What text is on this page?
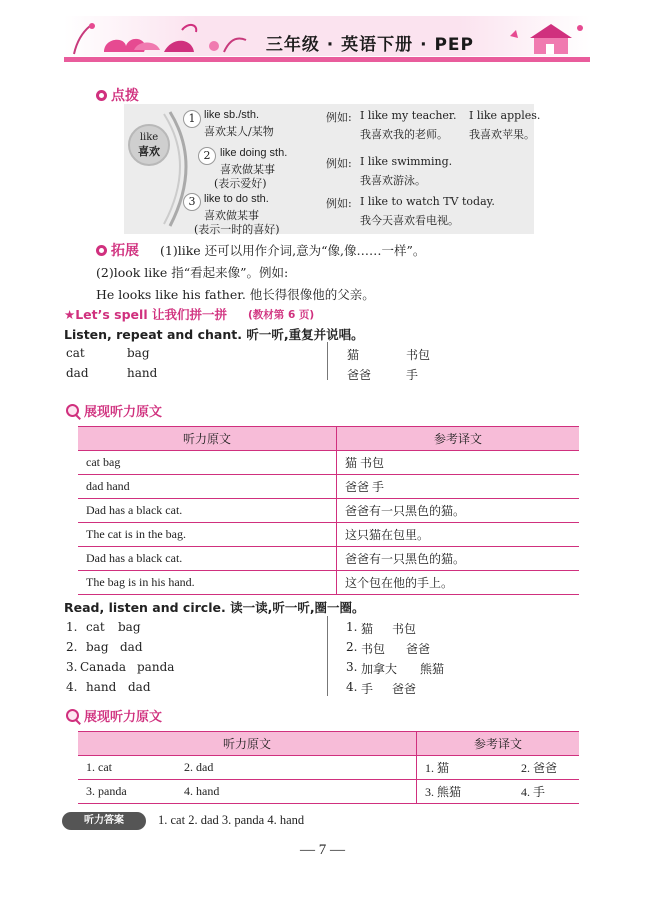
三年级 · 英语下册 · PEP
点拨
like
喜欢
1 like sb./sth.
喜欢某人/某物
例如: I like my teacher.
我喜欢我的老师。
I like apples.
我喜欢苹果。
2 like doing sth.
喜欢做某事
(表示爱好)
例如: I like swimming.
我喜欢游泳。
3 like to do sth.
喜欢做某事
(表示一时的喜好)
例如: I like to watch TV today.
我今天喜欢看电视。
拓展 (1)like 还可以用作介词,意为“像,像……一样”。
(2)look like 指“看起来像”。例如:
He looks like his father. 他长得很像他的父亲。
★Let’s spell 让我们拼一拼 (教材第 6 页)
Listen, repeat and chant. 听一听,重复并说唱。
cat	bag
dad	hand
猫	书包
爸爸	手
展现听力原文
听力原文	参考译文
cat bag	猫 书包
dad hand	爸爸 手
Dad has a black cat.	爸爸有一只黑色的猫。
The cat is in the bag.	这只猫在包里。
Dad has a black cat.	爸爸有一只黑色的猫。
The bag is in his hand.	这个包在他的手上。
Read, listen and circle. 读一读,听一听,圈一圈。
1. cat bag
2. bag dad
3. Canada panda
4. hand dad
1. 猫 书包
2. 书包 爸爸
3. 加拿大 熊猫
4. 手 爸爸
展现听力原文
听力原文		参考译文	
1. cat	2. dad	1. 猫	2. 爸爸
3. panda	4. hand	3. 熊猫	4. 手
听力答案	1. cat 2. dad 3. panda 4. hand
— 7 —
